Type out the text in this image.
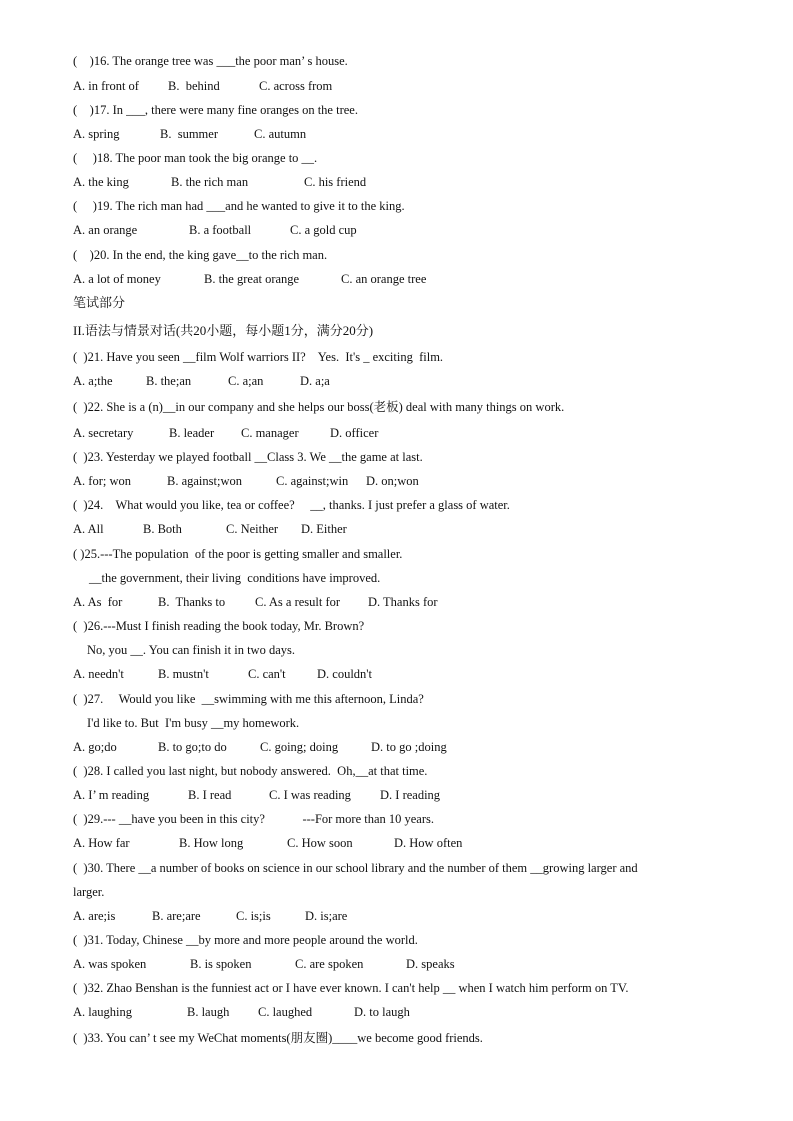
(    )16. The orange tree was ___the poor man’ s house.
A. in front of B.  behind	C. across from
(    )17. In ___, there were many fine oranges on the tree.
A. spring	B.  summer	C. autumn
(     )18. The poor man took the big orange to __.
A. the king	B. the rich man	C. his friend
(     )19. The rich man had ___and he wanted to give it to the king.
A. an orange	B. a football	C. a gold cup
(    )20. In the end, the king gave__to the rich man.
A. a lot of money	B. the great orange	C. an orange tree
笔试部分
II.语法与情景对话(共20小题，每小题1分，满分20分)
(  )21. Have you seen __film Wolf warriors II?    Yes.  It's _ exciting  film.
A. a;the	B. the;an	C. a;an	D. a;a
(  )22. She is a (n)__in our company and she helps our boss(老板) deal with many things on work.
A. secretary	B. leader C. manager	D. officer
(  )23. Yesterday we played football __Class 3. We __the game at last.
A. for; won	B. against;won	C. against;win D. on;won
(  )24.    What would you like, tea or coffee?     __, thanks. I just prefer a glass of water.
A. All	B. Both	C. Neither D. Either
( )25.---The population  of the poor is getting smaller and smaller.
__the government, their living  conditions have improved.
A. As  for	B.  Thanks to C. As a result for D. Thanks for
(  )26.---Must I finish reading the book today, Mr. Brown?
No, you __. You can finish it in two days.
A. needn't	B. mustn't	C. can't	D. couldn't
(  )27.     Would you like  __swimming with me this afternoon, Linda?
I'd like to. But  I'm busy __my homework.
A. go;do	B. to go;to do	C. going; doing	D. to go ;doing
(  )28. I called you last night, but nobody answered.  Oh,__at that time.
A. I’ m reading	B. I read	C. I was reading D. I reading
(  )29.--- __have you been in this city?            ---For more than 10 years.
A. How far	B. How long	C. How soon	D. How often
(  )30. There __a number of books on science in our school library and the number of them __growing larger and
larger.
A. are;is	B. are;are	C. is;is	D. is;are
(  )31. Today, Chinese __by more and more people around the world.
A. was spoken	B. is spoken	C. are spoken	D. speaks
(  )32. Zhao Benshan is the funniest act or I have ever known. I can't help __ when I watch him perform on TV.
A. laughing	B. laugh C. laughed	D. to laugh
(  )33. You can’ t see my WeChat moments(朋友圈)____we become good friends.
